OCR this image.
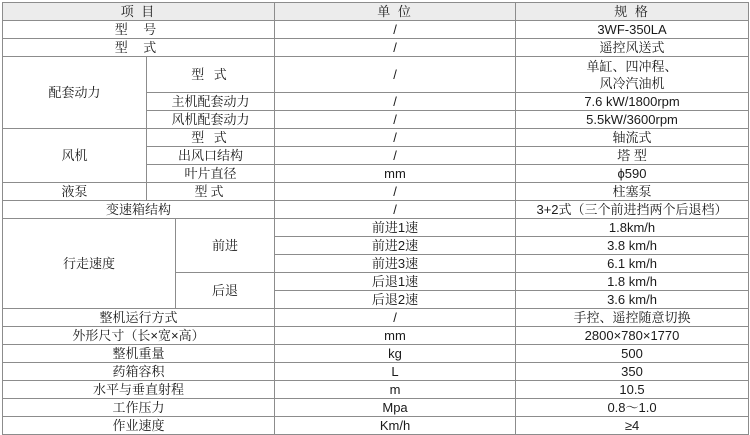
项 目			单 位	规 格
型 号			/	3WF-350LA
型 式			/	遥控风送式
配套动力	型 式		/	单缸、四冲程、
风冷汽油机

	主机配套动力		/	7.6 kW/1800rpm
	风机配套动力		/	5.5kW/3600rpm
风机	型 式		/	轴流式
	出风口结构		/	塔 型
	叶片直径		mm	ϕ590
液泵	型式		/	柱塞泵
变速箱结构			/	3+2式（三个前进挡两个后退档）
行走速度		前进	前进1速	1.8km/h
			前进2速	3.8 km/h
			前进3速	6.1 km/h
		后退	后退1速	1.8 km/h
			后退2速	3.6 km/h
整机运行方式			/	手控、遥控随意切换
外形尺寸（长×宽×高）			mm	2800×780×1770
整机重量			kg	500
药箱容积			L	350
水平与垂直射程			m	10.5
工作压力			Mpa	0.8～1.0
作业速度			Km/h	≥4
